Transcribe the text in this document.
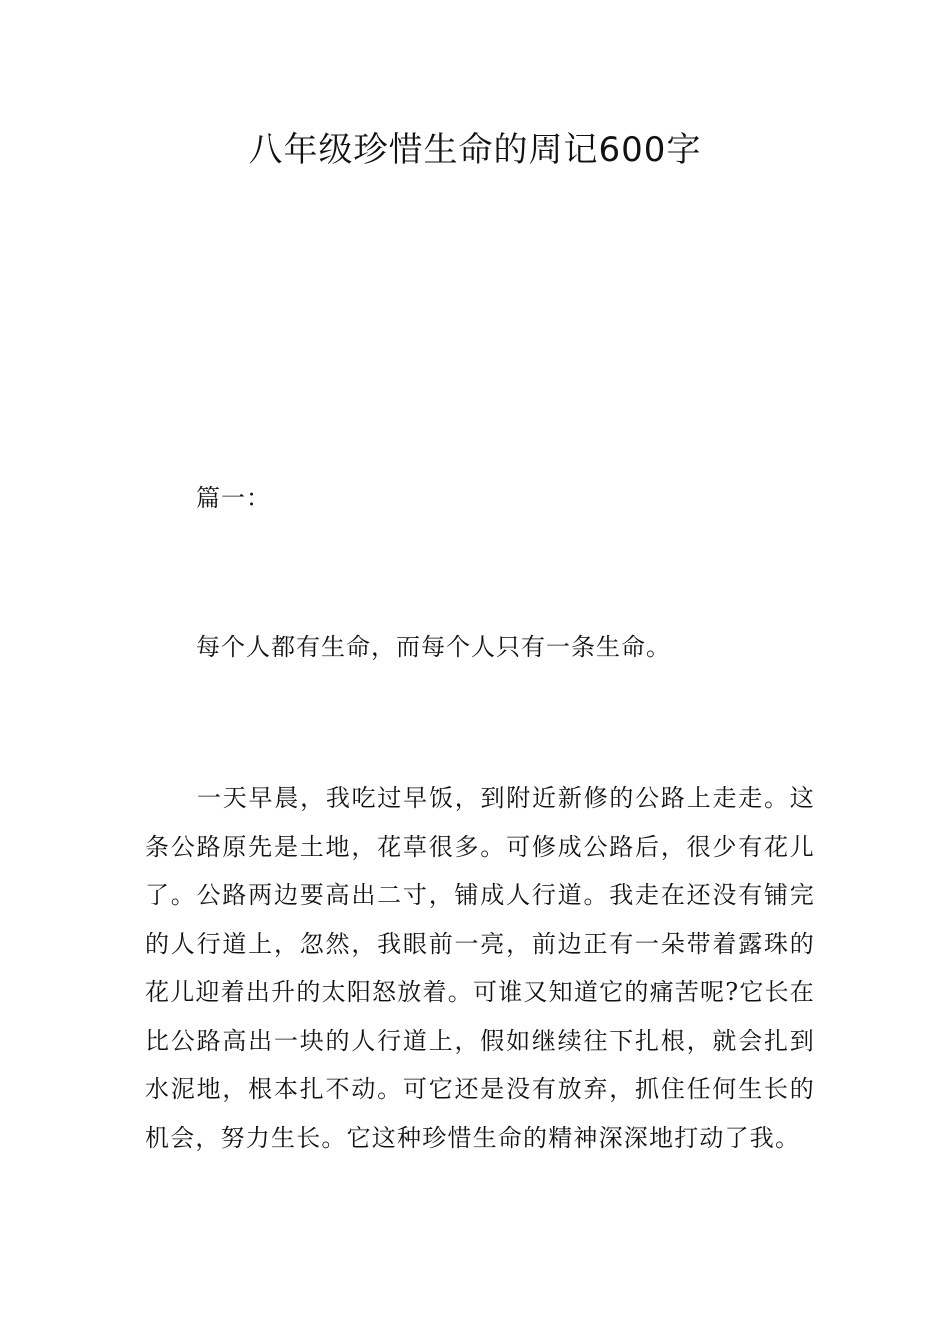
八年级珍惜生命的周记600字

篇一：

每个人都有生命，而每个人只有一条生命。

一天早晨，我吃过早饭，到附近新修的公路上走走。这条公路原先是土地，花草很多。可修成公路后，很少有花儿了。公路两边要高出二寸，铺成人行道。我走在还没有铺完的人行道上，忽然，我眼前一亮，前边正有一朵带着露珠的花儿迎着出升的太阳怒放着。可谁又知道它的痛苦呢?它长在比公路高出一块的人行道上，假如继续往下扎根，就会扎到水泥地，根本扎不动。可它还是没有放弃，抓住任何生长的机会，努力生长。它这种珍惜生命的精神深深地打动了我。
